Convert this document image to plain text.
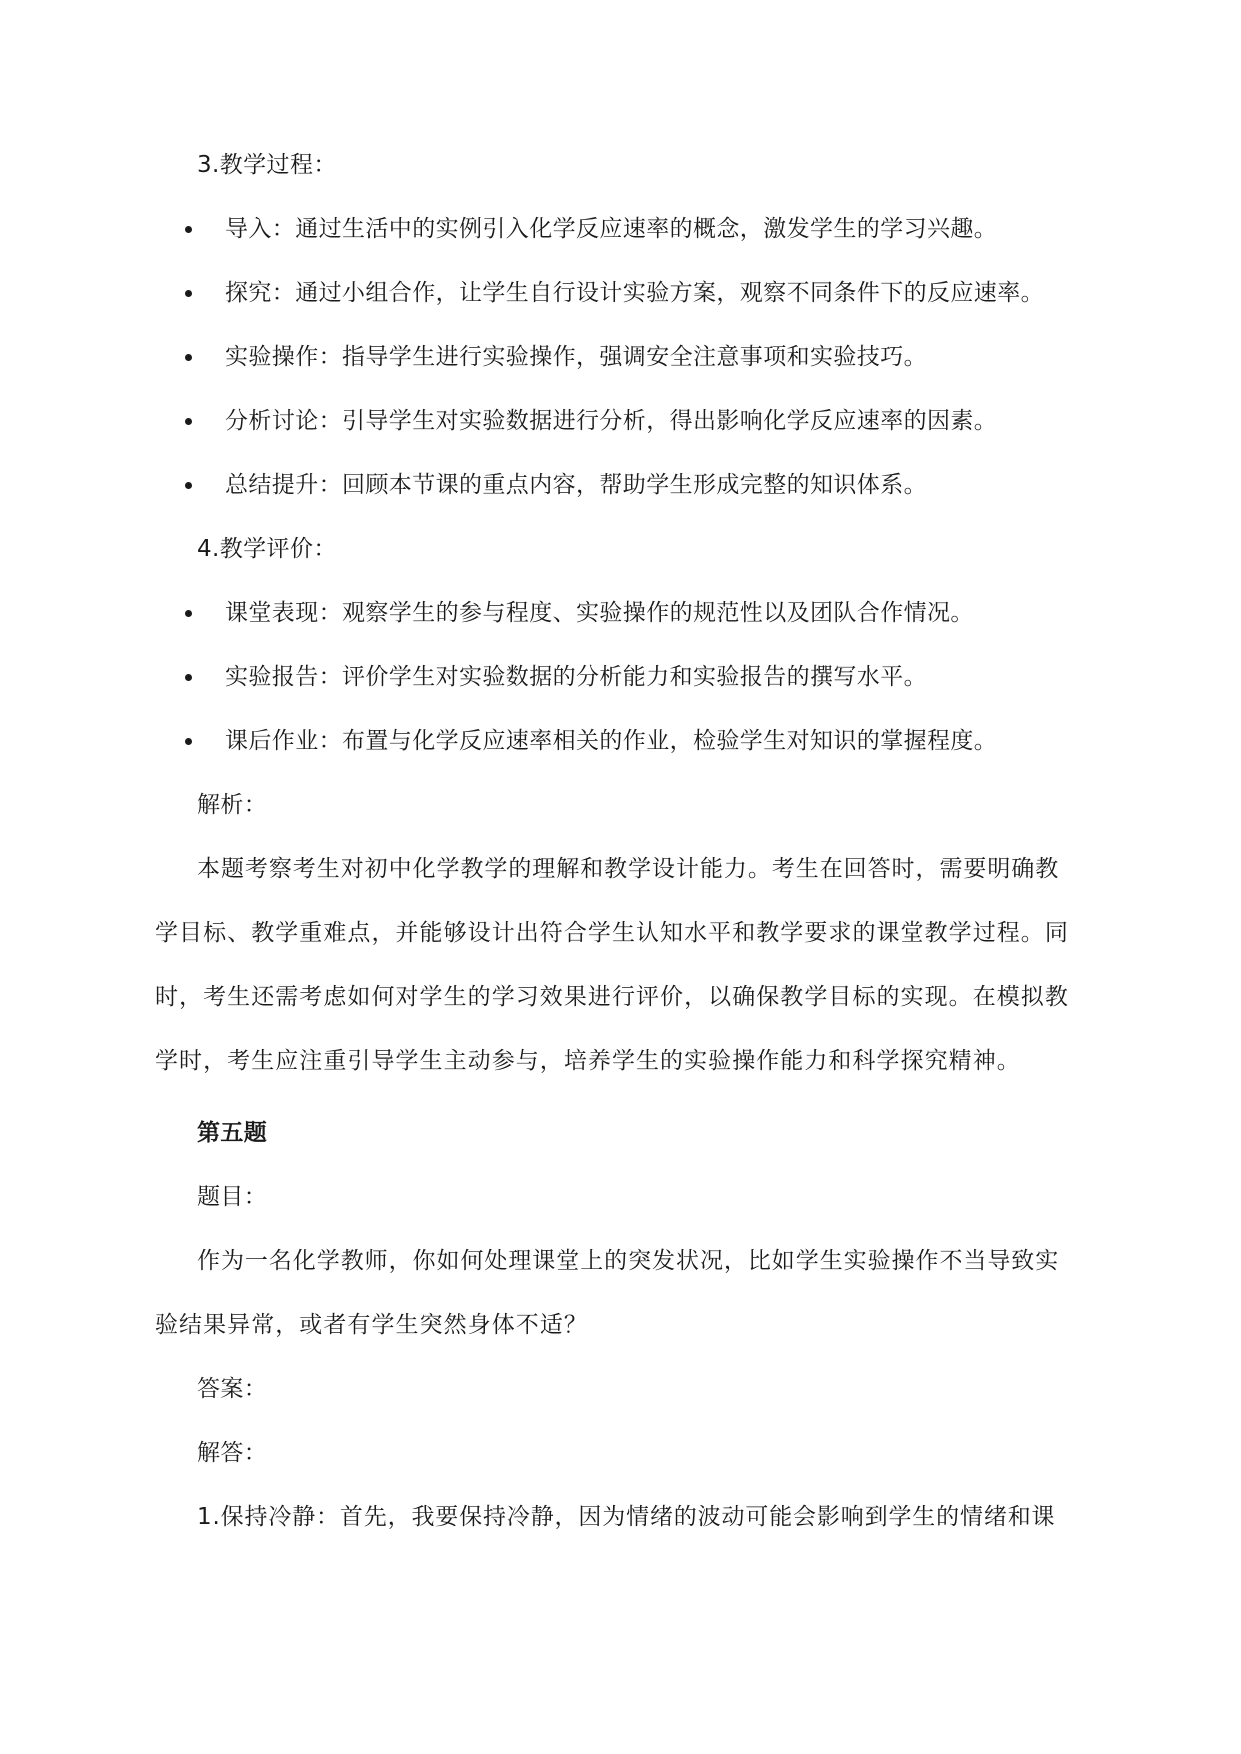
3.教学过程：
导入：通过生活中的实例引入化学反应速率的概念，激发学生的学习兴趣。
探究：通过小组合作，让学生自行设计实验方案，观察不同条件下的反应速率。
实验操作：指导学生进行实验操作，强调安全注意事项和实验技巧。
分析讨论：引导学生对实验数据进行分析，得出影响化学反应速率的因素。
总结提升：回顾本节课的重点内容，帮助学生形成完整的知识体系。
4.教学评价：
课堂表现：观察学生的参与程度、实验操作的规范性以及团队合作情况。
实验报告：评价学生对实验数据的分析能力和实验报告的撰写水平。
课后作业：布置与化学反应速率相关的作业，检验学生对知识的掌握程度。
解析：
本题考察考生对初中化学教学的理解和教学设计能力。考生在回答时，需要明确教
学目标、教学重难点，并能够设计出符合学生认知水平和教学要求的课堂教学过程。同
时，考生还需考虑如何对学生的学习效果进行评价，以确保教学目标的实现。在模拟教
学时，考生应注重引导学生主动参与，培养学生的实验操作能力和科学探究精神。
第五题
题目：
作为一名化学教师，你如何处理课堂上的突发状况，比如学生实验操作不当导致实
验结果异常，或者有学生突然身体不适？
答案：
解答：
1.保持冷静：首先，我要保持冷静，因为情绪的波动可能会影响到学生的情绪和课
